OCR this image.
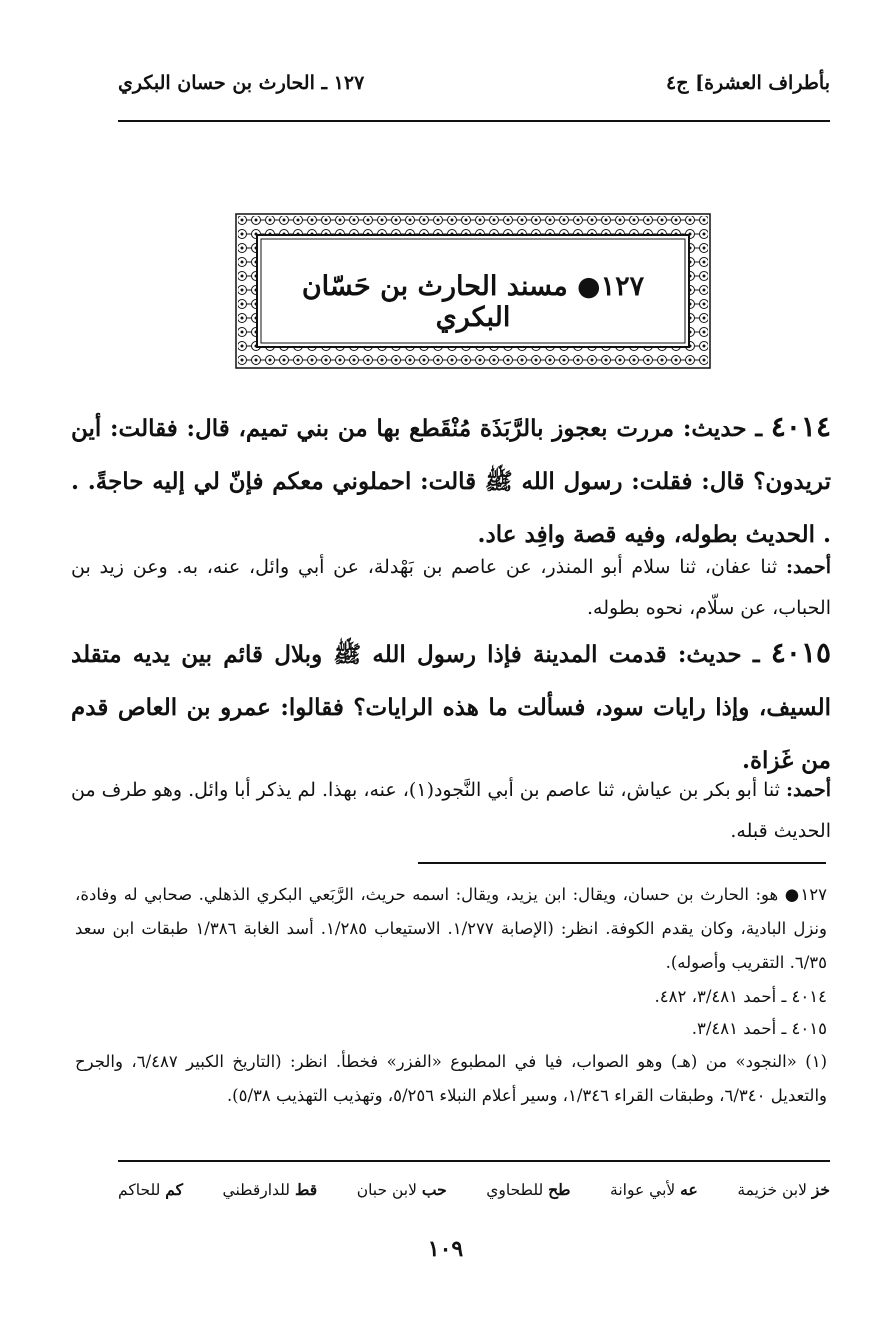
بأطراف العشرة] ج٤
١٢٧ ـ الحارث بن حسان البكري
١٢٧● مسند الحارث بن حَسّان البكري
٤٠١٤ ـ حديث: مررت بعجوز بالرَّبَذَة مُنْقَطع بها من بني تميم، قال: فقالت: أين تريدون؟ قال: فقلت: رسول الله ﷺ قالت: احملوني معكم فإنّ لي إليه حاجةً. . . الحديث بطوله، وفيه قصة وافِد عاد.
أحمد: ثنا عفان، ثنا سلام أبو المنذر، عن عاصم بن بَهْدلة، عن أبي وائل، عنه، به. وعن زيد بن الحباب، عن سلّام، نحوه بطوله.
٤٠١٥ ـ حديث: قدمت المدينة فإذا رسول الله ﷺ وبلال قائم بين يديه متقلد السيف، وإذا رايات سود، فسألت ما هذه الرايات؟ فقالوا: عمرو بن العاص قدم من غَزاة.
أحمد: ثنا أبو بكر بن عياش، ثنا عاصم بن أبي النَّجود(١)، عنه، بهذا. لم يذكر أبا وائل. وهو طرف من الحديث قبله.
١٢٧● هو: الحارث بن حسان، ويقال: ابن يزيد، ويقال: اسمه حريث، الرَّبَعي البكري الذهلي. صحابي له وفادة، ونزل البادية، وكان يقدم الكوفة. انظر: (الإصابة ١/٢٧٧. الاستيعاب ١/٢٨٥. أسد الغابة ١/٣٨٦ طبقات ابن سعد ٦/٣٥. التقريب وأصوله).
٤٠١٤ ـ أحمد ٣/٤٨١، ٤٨٢.
٤٠١٥ ـ أحمد ٣/٤٨١.
(١) «النجود» من (هـ) وهو الصواب، فيا في المطبوع «الفزر» فخطأ. انظر: (التاريخ الكبير ٦/٤٨٧، والجرح والتعديل ٦/٣٤٠، وطبقات القراء ١/٣٤٦، وسير أعلام النبلاء ٥/٢٥٦، وتهذيب التهذيب ٥/٣٨).
خز لابن خزيمة
عه لأبي عوانة
طح للطحاوي
حب لابن حبان
قط للدارقطني
كم للحاكم
١٠٩
